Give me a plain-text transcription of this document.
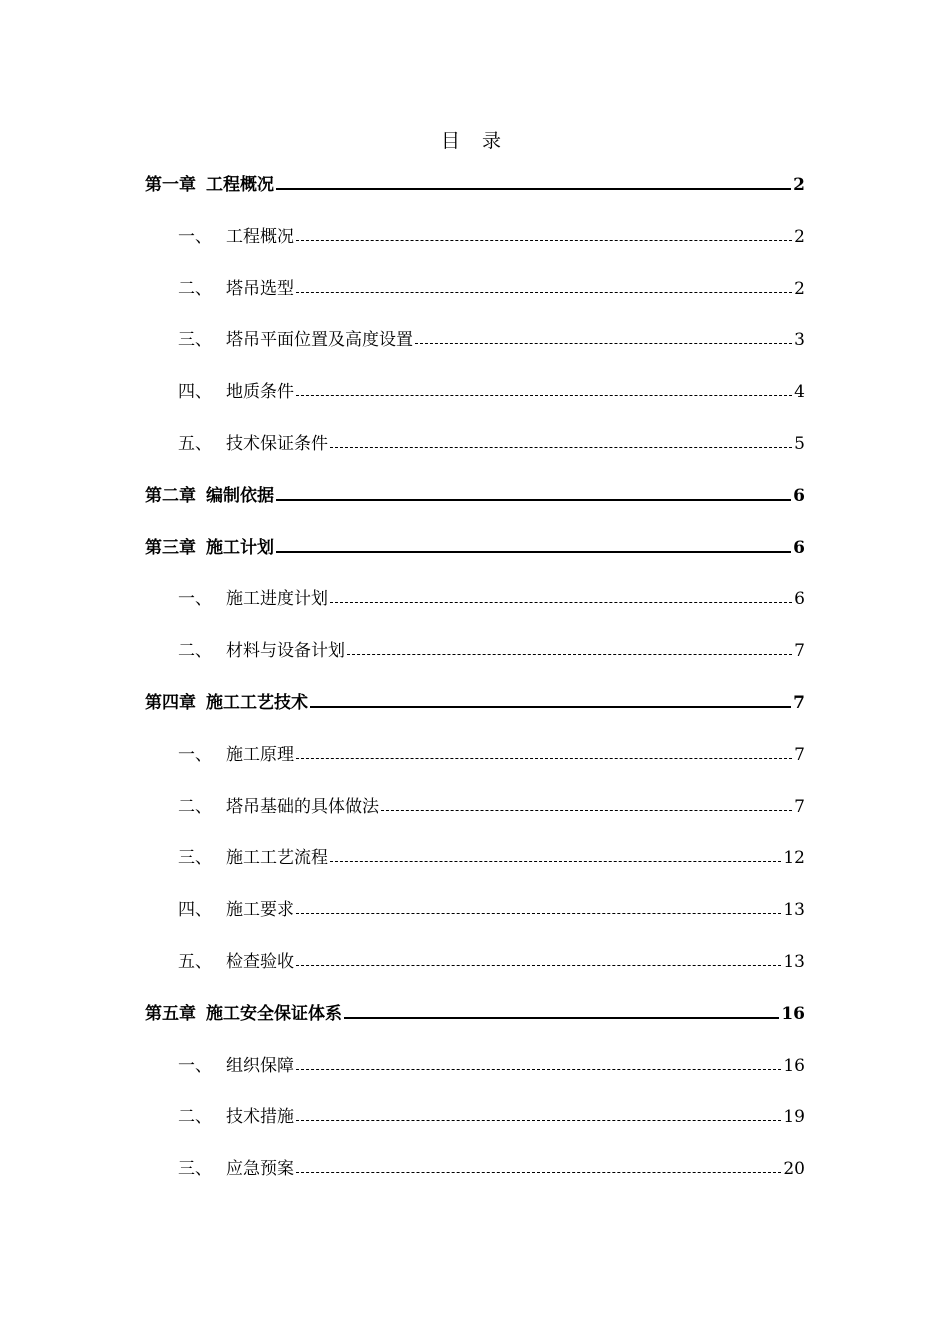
目 录
第一章 工程概况	2
一、 工程概况	2
二、 塔吊选型	2
三、 塔吊平面位置及高度设置	3
四、 地质条件	4
五、 技术保证条件	5
第二章 编制依据	6
第三章 施工计划	6
一、 施工进度计划	6
二、 材料与设备计划	7
第四章 施工工艺技术	7
一、 施工原理	7
二、 塔吊基础的具体做法	7
三、 施工工艺流程	12
四、 施工要求	13
五、 检查验收	13
第五章 施工安全保证体系	16
一、 组织保障	16
二、 技术措施	19
三、 应急预案	20
